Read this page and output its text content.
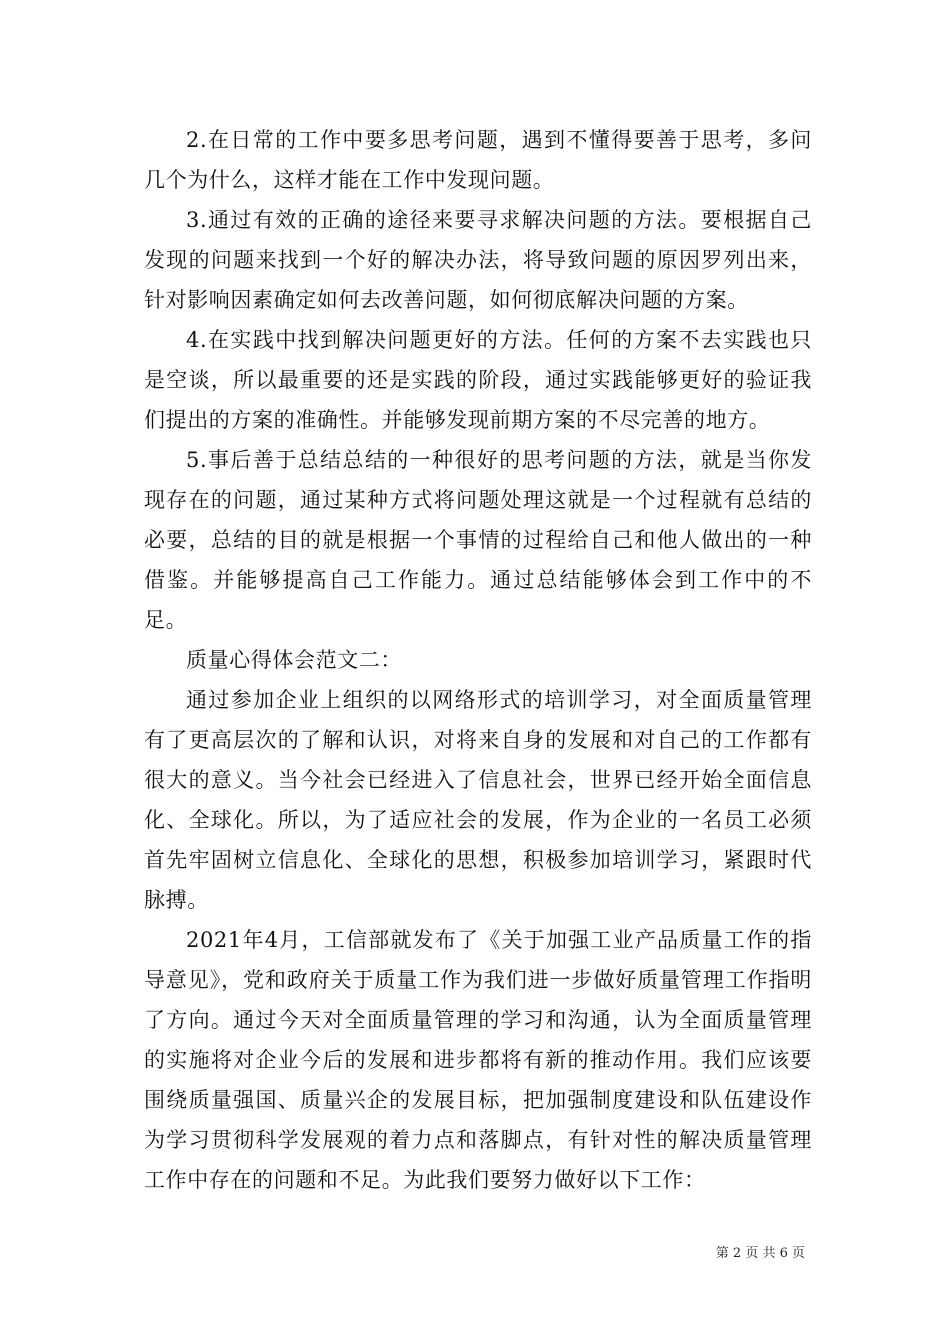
2.在日常的工作中要多思考问题，遇到不懂得要善于思考，多问几个为什么，这样才能在工作中发现问题。

3.通过有效的正确的途径来要寻求解决问题的方法。要根据自己发现的问题来找到一个好的解决办法，将导致问题的原因罗列出来，针对影响因素确定如何去改善问题，如何彻底解决问题的方案。

4.在实践中找到解决问题更好的方法。任何的方案不去实践也只是空谈，所以最重要的还是实践的阶段，通过实践能够更好的验证我们提出的方案的准确性。并能够发现前期方案的不尽完善的地方。

5.事后善于总结总结的一种很好的思考问题的方法，就是当你发现存在的问题，通过某种方式将问题处理这就是一个过程就有总结的必要，总结的目的就是根据一个事情的过程给自己和他人做出的一种借鉴。并能够提高自己工作能力。通过总结能够体会到工作中的不足。

质量心得体会范文二：

通过参加企业上组织的以网络形式的培训学习，对全面质量管理有了更高层次的了解和认识，对将来自身的发展和对自己的工作都有很大的意义。当今社会已经进入了信息社会，世界已经开始全面信息化、全球化。所以，为了适应社会的发展，作为企业的一名员工必须首先牢固树立信息化、全球化的思想，积极参加培训学习，紧跟时代脉搏。

2021年4月，工信部就发布了《关于加强工业产品质量工作的指导意见》，党和政府关于质量工作为我们进一步做好质量管理工作指明了方向。通过今天对全面质量管理的学习和沟通，认为全面质量管理的实施将对企业今后的发展和进步都将有新的推动作用。我们应该要围绕质量强国、质量兴企的发展目标，把加强制度建设和队伍建设作为学习贯彻科学发展观的着力点和落脚点，有针对性的解决质量管理工作中存在的问题和不足。为此我们要努力做好以下工作：

第 2 页 共 6 页
